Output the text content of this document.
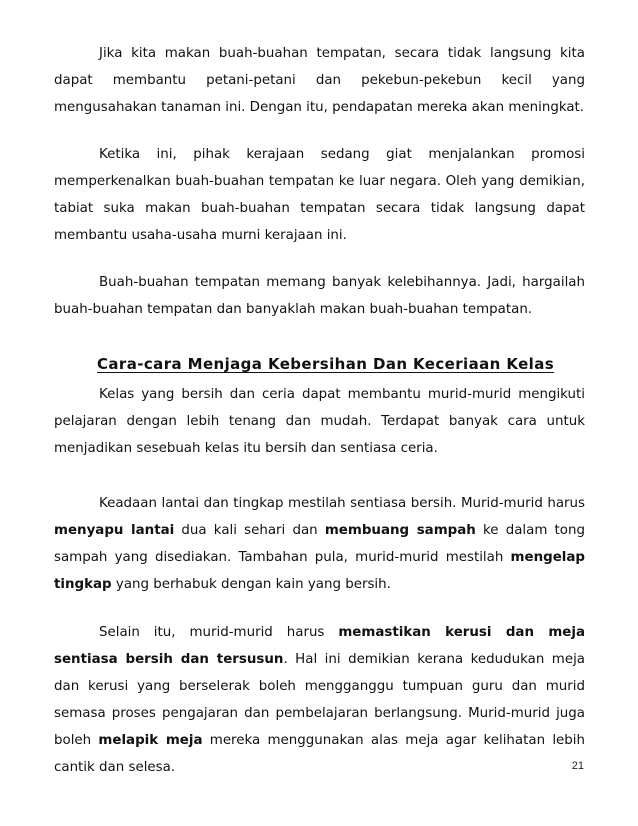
Jika kita makan buah-buahan tempatan, secara tidak langsung kita dapat membantu petani-petani dan pekebun-pekebun kecil yang mengusahakan tanaman ini. Dengan itu, pendapatan mereka akan meningkat.

Ketika ini, pihak kerajaan sedang giat menjalankan promosi memperkenalkan buah-buahan tempatan ke luar negara. Oleh yang demikian, tabiat suka makan buah-buahan tempatan secara tidak langsung dapat membantu usaha-usaha murni kerajaan ini.

Buah-buahan tempatan memang banyak kelebihannya. Jadi, hargailah buah-buahan tempatan dan banyaklah makan buah-buahan tempatan.

Cara-cara Menjaga Kebersihan Dan Keceriaan Kelas

Kelas yang bersih dan ceria dapat membantu murid-murid mengikuti pelajaran dengan lebih tenang dan mudah. Terdapat banyak cara untuk menjadikan sesebuah kelas itu bersih dan sentiasa ceria.

Keadaan lantai dan tingkap mestilah sentiasa bersih. Murid-murid harus menyapu lantai dua kali sehari dan membuang sampah ke dalam tong sampah yang disediakan. Tambahan pula, murid-murid mestilah mengelap tingkap yang berhabuk dengan kain yang bersih.

Selain itu, murid-murid harus memastikan kerusi dan meja sentiasa bersih dan tersusun. Hal ini demikian kerana kedudukan meja dan kerusi yang berselerak boleh mengganggu tumpuan guru dan murid semasa proses pengajaran dan pembelajaran berlangsung. Murid-murid juga boleh melapik meja mereka menggunakan alas meja agar kelihatan lebih cantik dan selesa.	21
